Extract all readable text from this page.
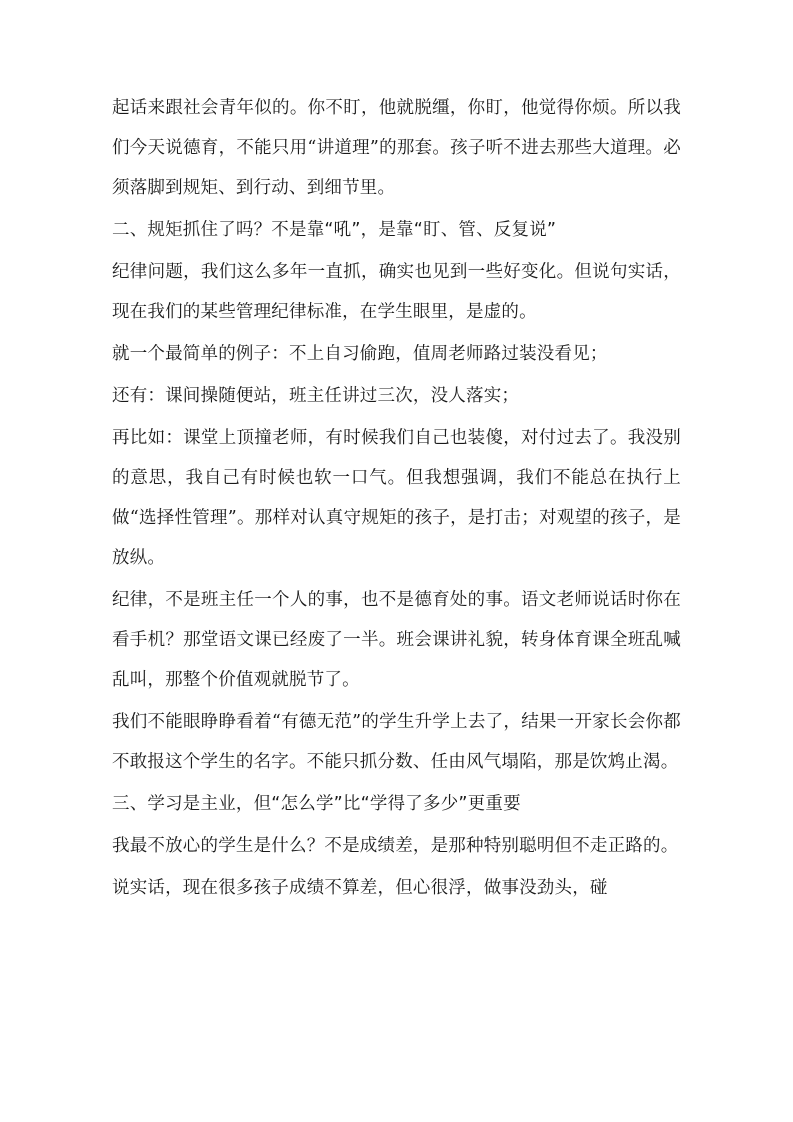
起话来跟社会青年似的。你不盯，他就脱缰，你盯，他觉得你烦。所以我们今天说德育，不能只用“讲道理”的那套。孩子听不进去那些大道理。必须落脚到规矩、到行动、到细节里。

二、规矩抓住了吗？不是靠“吼”，是靠“盯、管、反复说”

纪律问题，我们这么多年一直抓，确实也见到一些好变化。但说句实话，现在我们的某些管理纪律标准，在学生眼里，是虚的。

就一个最简单的例子：不上自习偷跑，值周老师路过装没看见；

还有：课间操随便站，班主任讲过三次，没人落实；

再比如：课堂上顶撞老师，有时候我们自己也装傻，对付过去了。我没别的意思，我自己有时候也软一口气。但我想强调，我们不能总在执行上做“选择性管理”。那样对认真守规矩的孩子，是打击；对观望的孩子，是放纵。

纪律，不是班主任一个人的事，也不是德育处的事。语文老师说话时你在看手机？那堂语文课已经废了一半。班会课讲礼貌，转身体育课全班乱喊乱叫，那整个价值观就脱节了。

我们不能眼睁睁看着“有德无范”的学生升学上去了，结果一开家长会你都不敢报这个学生的名字。不能只抓分数、任由风气塌陷，那是饮鸩止渴。

三、学习是主业，但“怎么学”比“学得了多少”更重要

我最不放心的学生是什么？不是成绩差，是那种特别聪明但不走正路的。

说实话，现在很多孩子成绩不算差，但心很浮，做事没劲头，碰
